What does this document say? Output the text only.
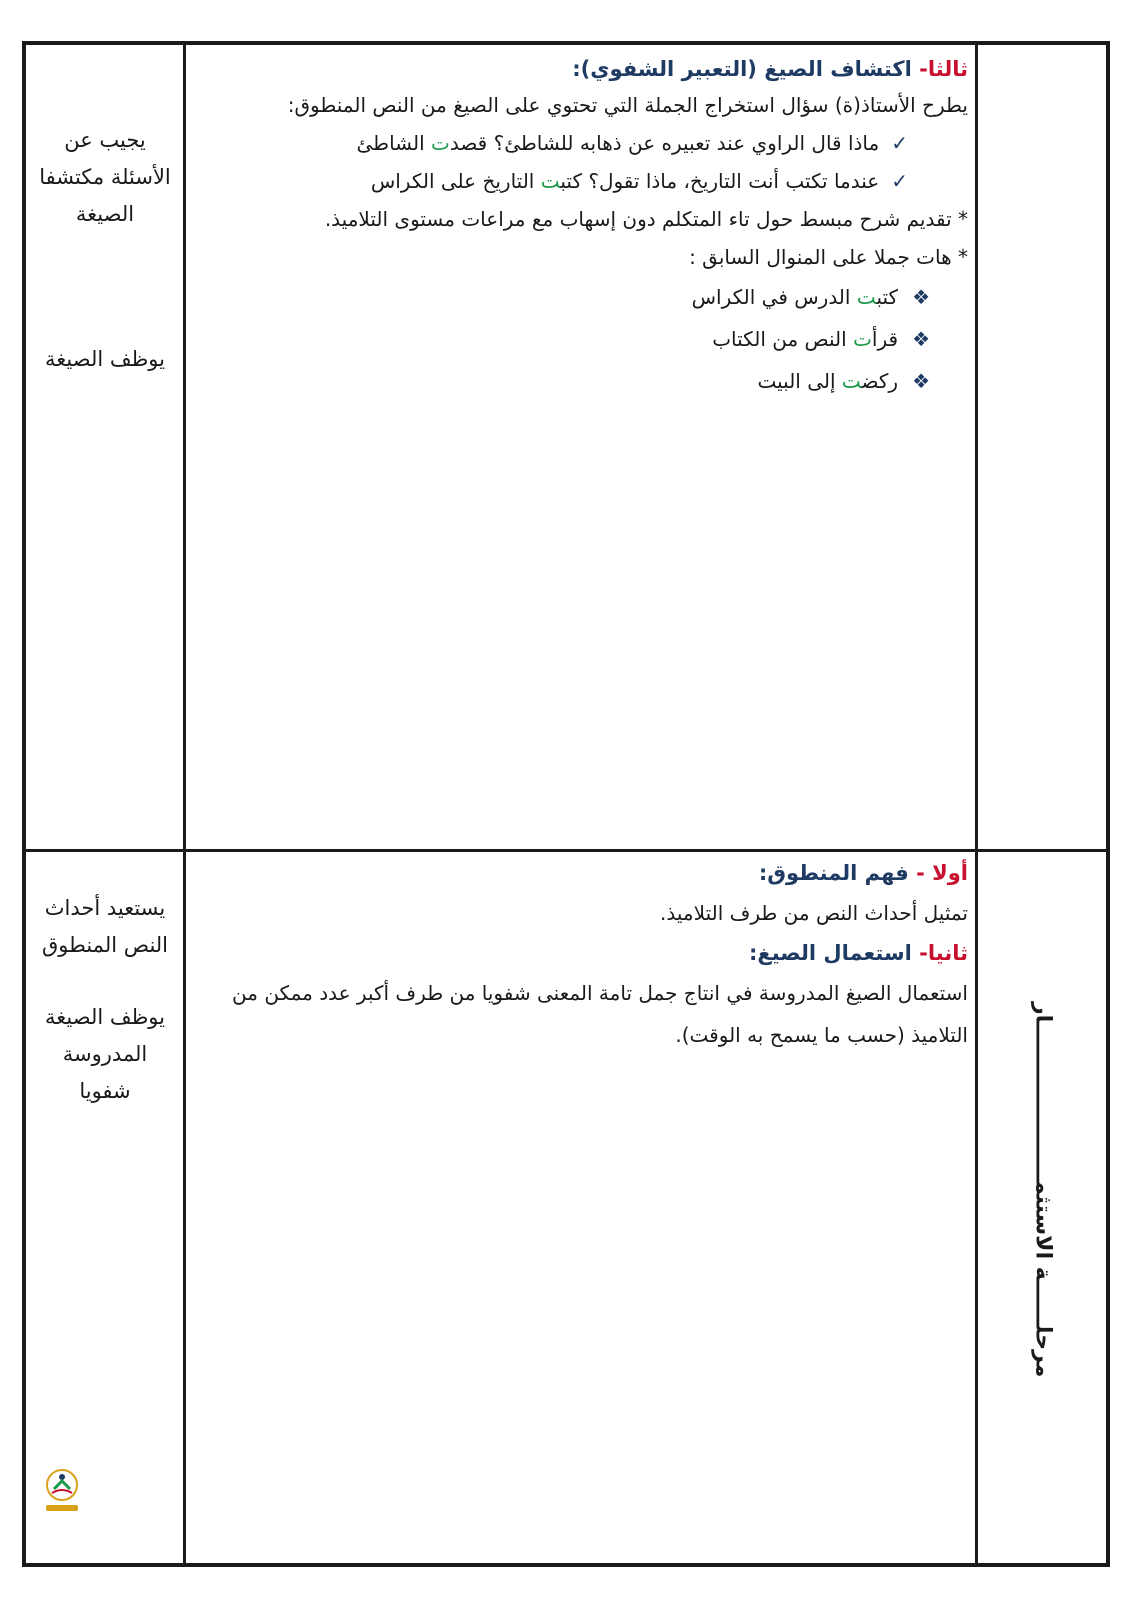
ثالثا- اكتشاف الصيغ (التعبير الشفوي):

يطرح الأستاذ(ة) سؤال استخراج الجملة التي تحتوي على الصيغ من النص المنطوق:

✓ماذا قال الراوي عند تعبيره عن ذهابه للشاطئ؟ قصدت الشاطئ

✓عندما تكتب أنت التاريخ، ماذا تقول؟ كتبت التاريخ على الكراس

* تقديم شرح مبسط حول تاء المتكلم دون إسهاب مع مراعات مستوى التلاميذ.

* هات جملا على المنوال السابق :

❖كتبت الدرس في الكراس

❖قرأت النص من الكتاب

❖ركضت إلى البيت

يجيب عن الأسئلة مكتشفا الصيغة
يوظف الصيغة

أولا - فهم المنطوق:

تمثيل أحداث النص من طرف التلاميذ.

ثانيا- استعمال الصيغ:

استعمال الصيغ المدروسة في انتاج جمل تامة المعنى شفويا من طرف أكبر عدد ممكن من التلاميذ (حسب ما يسمح به الوقت).

يستعيد أحداث النص المنطوق
يوظف الصيغة المدروسة شفويا	مرحلــــــة الاستثمـــــــــــــــــــــار
